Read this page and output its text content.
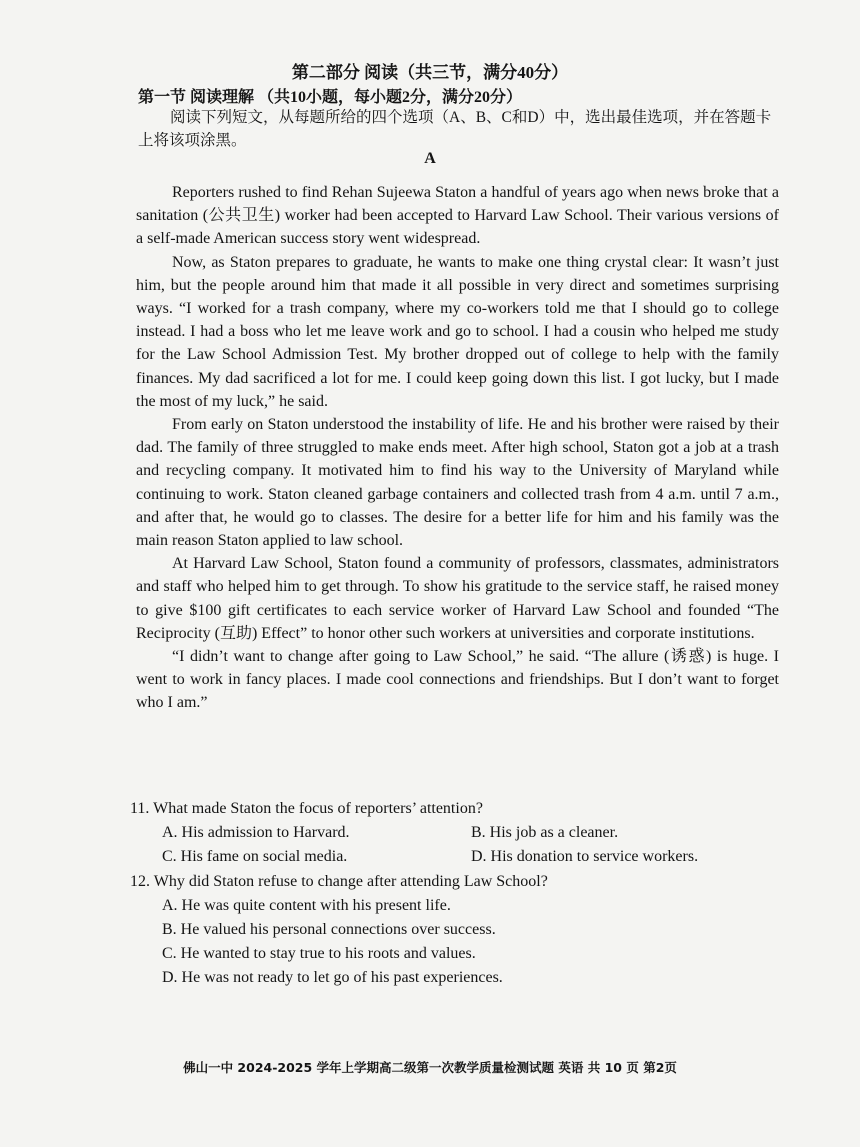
第二部分 阅读（共三节，满分40分）
第一节 阅读理解 （共10小题，每小题2分，满分20分）
阅读下列短文，从每题所给的四个选项（A、B、C和D）中，选出最佳选项，并在答题卡上将该项涂黑。
A

Reporters rushed to find Rehan Sujeewa Staton a handful of years ago when news broke that a sanitation (公共卫生) worker had been accepted to Harvard Law School. Their various versions of a self-made American success story went widespread.

Now, as Staton prepares to graduate, he wants to make one thing crystal clear: It wasn’t just him, but the people around him that made it all possible in very direct and sometimes surprising ways. “I worked for a trash company, where my co-workers told me that I should go to college instead. I had a boss who let me leave work and go to school. I had a cousin who helped me study for the Law School Admission Test. My brother dropped out of college to help with the family finances. My dad sacrificed a lot for me. I could keep going down this list. I got lucky, but I made the most of my luck,” he said.

From early on Staton understood the instability of life. He and his brother were raised by their dad. The family of three struggled to make ends meet. After high school, Staton got a job at a trash and recycling company. It motivated him to find his way to the University of Maryland while continuing to work. Staton cleaned garbage containers and collected trash from 4 a.m. until 7 a.m., and after that, he would go to classes. The desire for a better life for him and his family was the main reason Staton applied to law school.

At Harvard Law School, Staton found a community of professors, classmates, administrators and staff who helped him to get through. To show his gratitude to the service staff, he raised money to give $100 gift certificates to each service worker of Harvard Law School and founded “The Reciprocity (互助) Effect” to honor other such workers at universities and corporate institutions.

“I didn’t want to change after going to Law School,” he said. “The allure (诱惑) is huge. I went to work in fancy places. I made cool connections and friendships. But I don’t want to forget who I am.”

11. What made Staton the focus of reporters’ attention?

A. His admission to Harvard.	B. His job as a cleaner.
C. His fame on social media.	D. His donation to service workers.

12. Why did Staton refuse to change after attending Law School?

A. He was quite content with his present life.
B. He valued his personal connections over success.
C. He wanted to stay true to his roots and values.
D. He was not ready to let go of his past experiences.
佛山一中 2024-2025 学年上学期高二级第一次教学质量检测试题 英语 共 10 页 第2页
